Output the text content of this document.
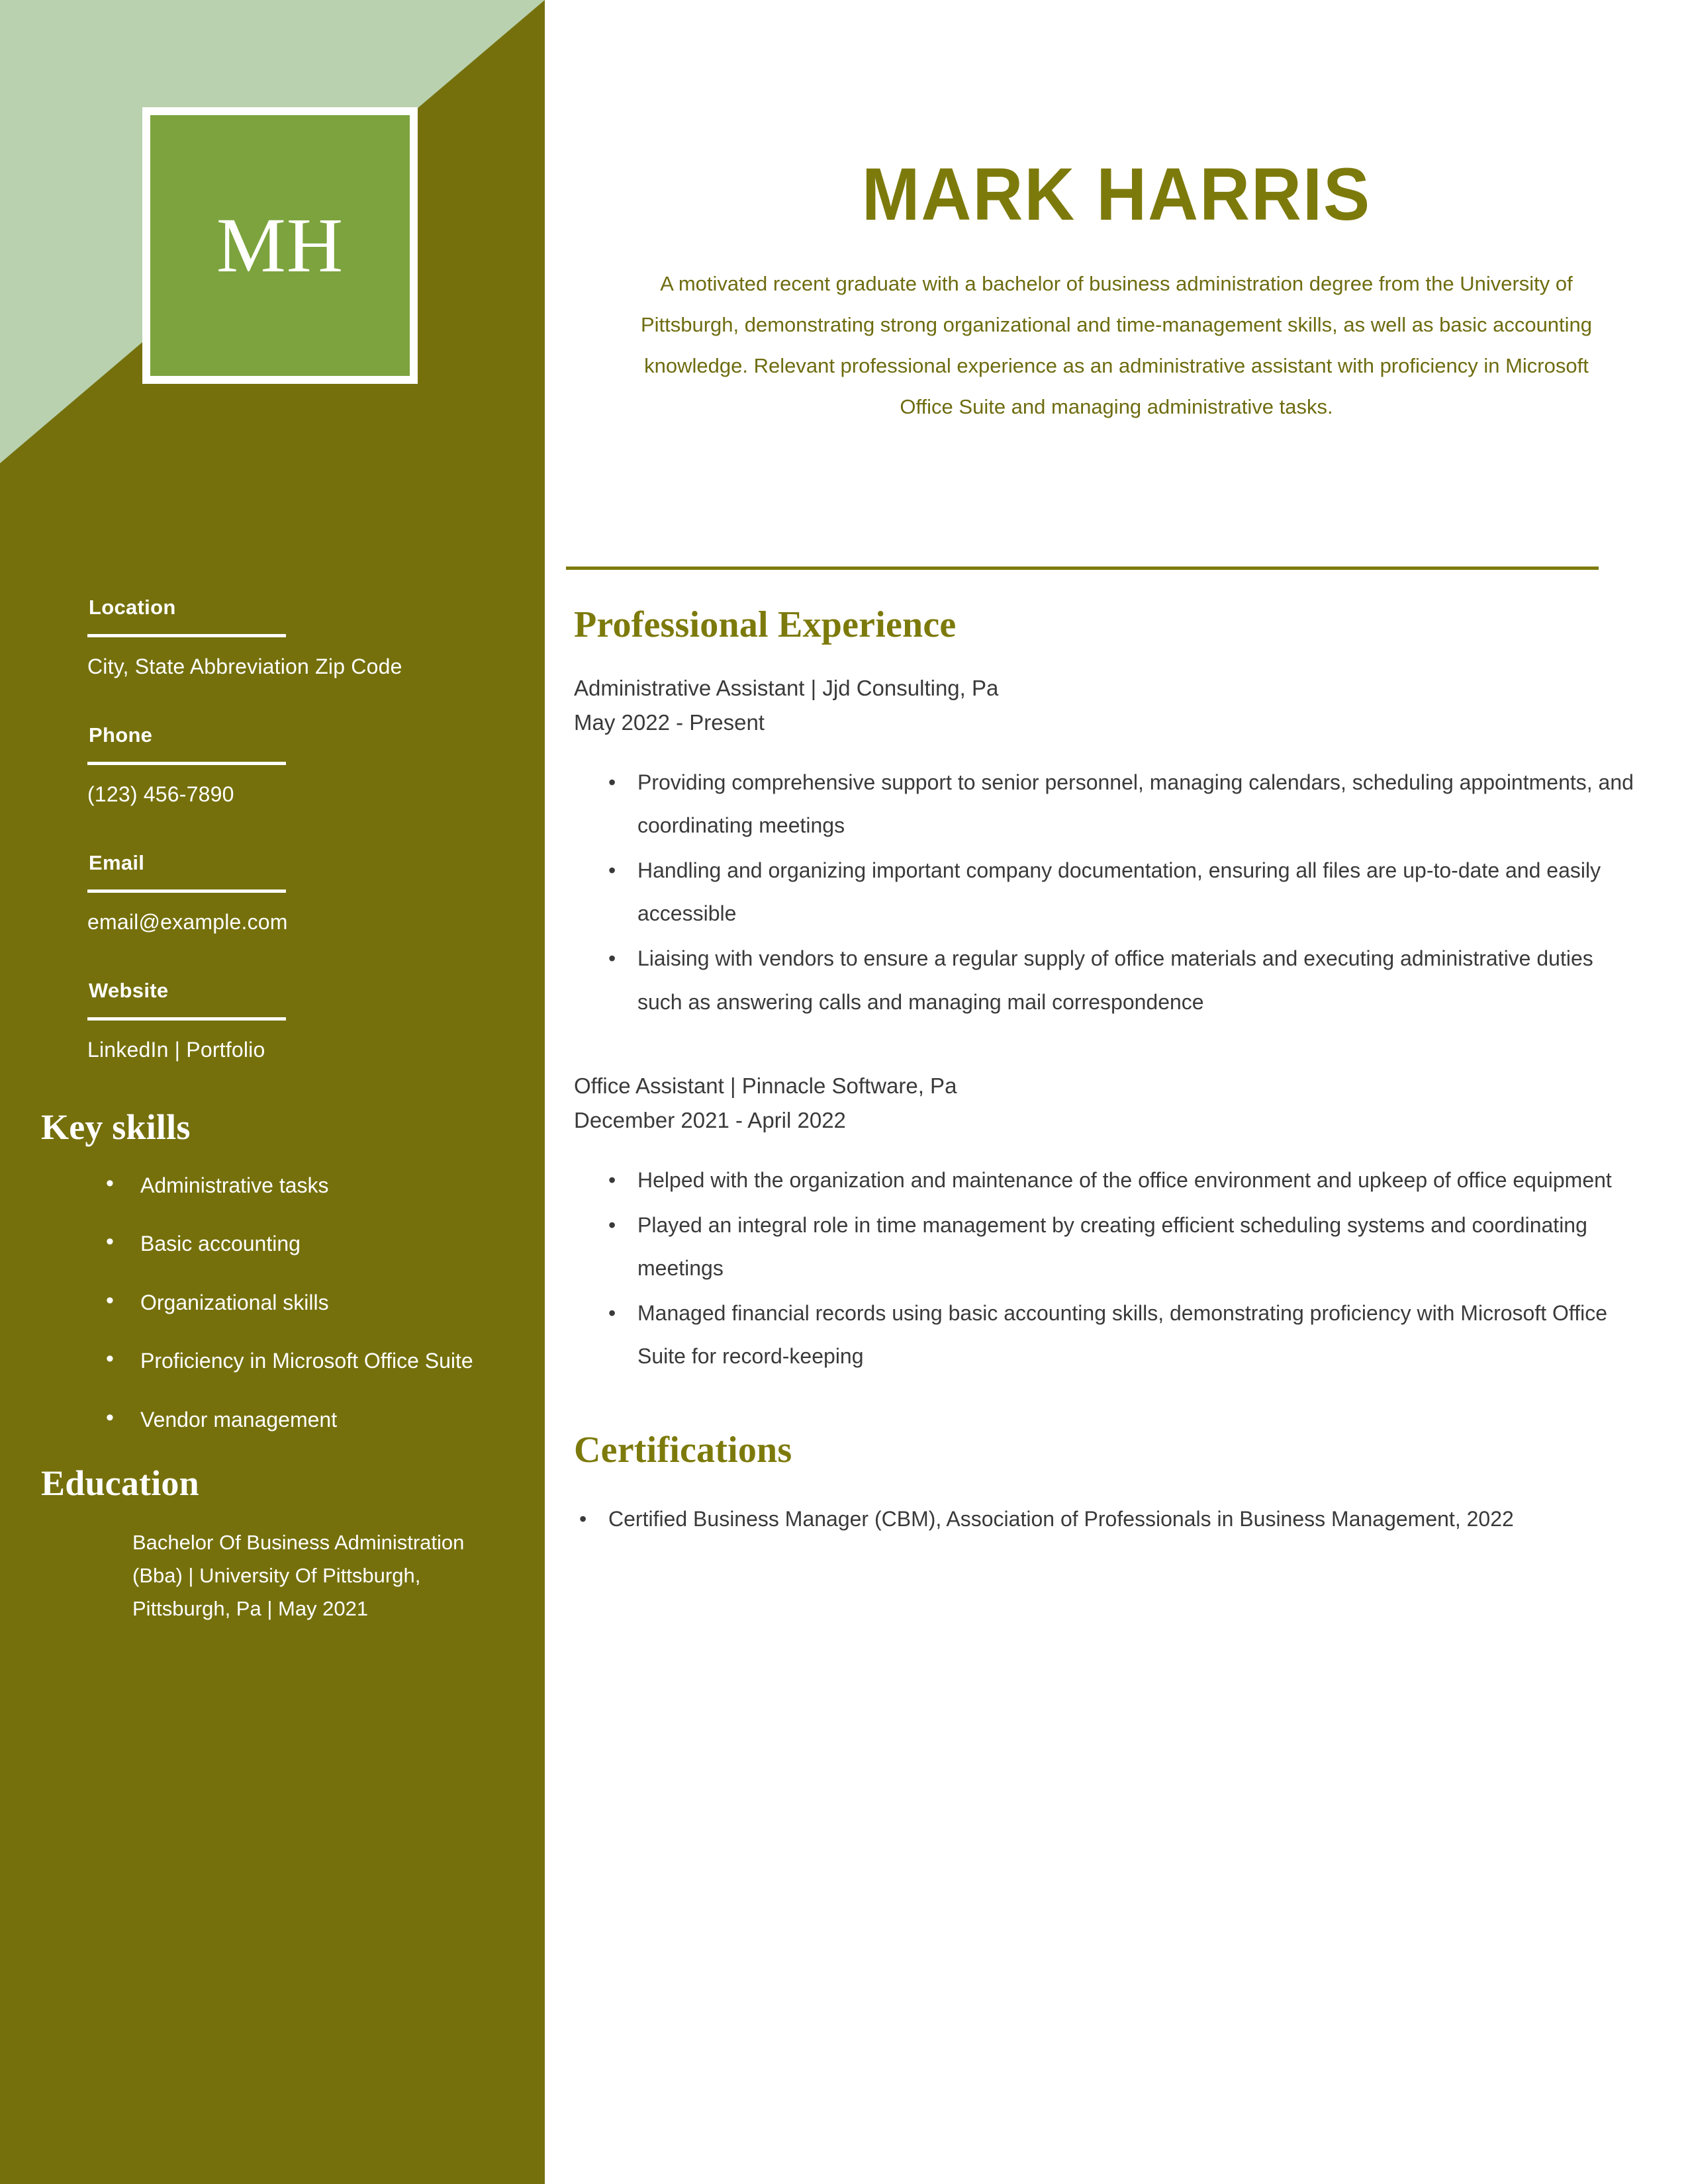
MH
Location
City, State Abbreviation Zip Code
Phone
(123) 456-7890
Email
email@example.com
Website
LinkedIn | Portfolio
Key skills
• Administrative tasks
• Basic accounting
• Organizational skills
• Proficiency in Microsoft Office Suite
• Vendor management
Education
Bachelor Of Business Administration (Bba) | University Of Pittsburgh, Pittsburgh, Pa | May 2021
MARK HARRIS

A motivated recent graduate with a bachelor of business administration degree from the University of Pittsburgh, demonstrating strong organizational and time-management skills, as well as basic accounting knowledge. Relevant professional experience as an administrative assistant with proficiency in Microsoft Office Suite and managing administrative tasks.

Professional Experience
Administrative Assistant | Jjd Consulting, Pa
May 2022 - Present
• Providing comprehensive support to senior personnel, managing calendars, scheduling appointments, and coordinating meetings
• Handling and organizing important company documentation, ensuring all files are up-to-date and easily accessible
• Liaising with vendors to ensure a regular supply of office materials and executing administrative duties such as answering calls and managing mail correspondence
Office Assistant | Pinnacle Software, Pa
December 2021 - April 2022
• Helped with the organization and maintenance of the office environment and upkeep of office equipment
• Played an integral role in time management by creating efficient scheduling systems and coordinating meetings
• Managed financial records using basic accounting skills, demonstrating proficiency with Microsoft Office Suite for record-keeping
Certifications
• Certified Business Manager (CBM), Association of Professionals in Business Management, 2022
